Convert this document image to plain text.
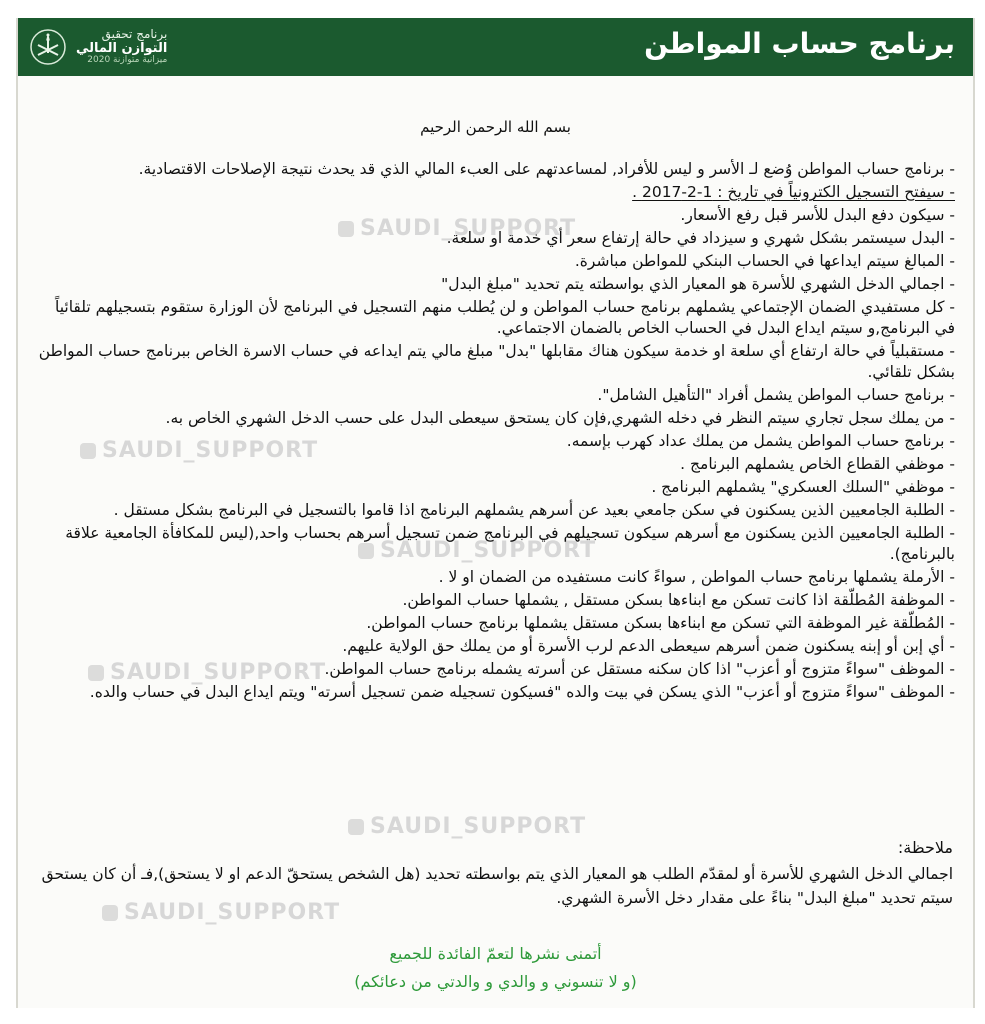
برنامج تحقيق
التوازن المالي
ميزانية متوازنة 2020	برنامج حساب المواطن
SAUDI_SUPPORT
SAUDI_SUPPORT
SAUDI_SUPPORT
SAUDI_SUPPORT
SAUDI_SUPPORT
SAUDI_SUPPORT
بسم الله الرحمن الرحيم
- برنامج حساب المواطن وُضع لـ الأسر و ليس للأفراد, لمساعدتهم على العبء المالي الذي قد يحدث نتيجة الإصلاحات الاقتصادية.
- سيفتح التسجيل الكترونياً في تاريخ : 1-2-2017 .
- سيكون دفع البدل للأسر قبل رفع الأسعار.
- البدل سيستمر بشكل شهري و سيزداد في حالة إرتفاع سعر أي خدمة او سلعة.
- المبالغ سيتم ايداعها في الحساب البنكي للمواطن مباشرة.
- اجمالي الدخل الشهري للأسرة هو المعيار الذي بواسطته يتم تحديد "مبلغ البدل"
- كل مستفيدي الضمان الإجتماعي يشملهم برنامج حساب المواطن و لن يُطلب منهم التسجيل في البرنامج لأن الوزارة ستقوم بتسجيلهم تلقائياً في البرنامج,و سيتم ايداع البدل في الحساب الخاص بالضمان الاجتماعي.
- مستقبلياً في حالة ارتفاع أي سلعة او خدمة سيكون هناك مقابلها "بدل" مبلغ مالي يتم ايداعه في حساب الاسرة الخاص ببرنامج حساب المواطن بشكل تلقائي.
- برنامج حساب المواطن يشمل أفراد "التأهيل الشامل".
- من يملك سجل تجاري سيتم النظر في دخله الشهري,فإن كان يستحق سيعطى البدل على حسب الدخل الشهري الخاص به.
- برنامج حساب المواطن يشمل من يملك عداد كهرب بإسمه.
- موظفي القطاع الخاص يشملهم البرنامج .
- موظفي "السلك العسكري" يشملهم البرنامج .
- الطلبة الجامعيين الذين يسكنون في سكن جامعي بعيد عن أسرهم يشملهم البرنامج اذا قاموا بالتسجيل في البرنامج بشكل مستقل .
- الطلبة الجامعيين الذين يسكنون مع أسرهم سيكون تسجيلهم في البرنامج ضمن تسجيل أسرهم بحساب واحد,(ليس للمكافأة الجامعية علاقة بالبرنامج).
- الأرملة يشملها برنامج حساب المواطن , سواءً كانت مستفيده من الضمان او لا .
- الموظفة المُطلّقة اذا كانت تسكن مع ابناءها بسكن مستقل , يشملها حساب المواطن.
- المُطلّقة غير الموظفة التي تسكن مع ابناءها بسكن مستقل يشملها برنامج حساب المواطن.
- أي إبن أو إبنه يسكنون ضمن أسرهم سيعطى الدعم لرب الأسرة أو من يملك حق الولاية عليهم.
- الموظف "سواءً متزوج أو أعزب" اذا كان سكنه مستقل عن أسرته يشمله برنامج حساب المواطن.
- الموظف "سواءً متزوج أو أعزب" الذي يسكن في بيت والده "فسيكون تسجيله ضمن تسجيل أسرته" ويتم ايداع البدل في حساب والده.
ملاحظة:
اجمالي الدخل الشهري للأسرة أو لمقدّم الطلب هو المعيار الذي يتم بواسطته تحديد (هل الشخص يستحقّ الدعم او لا يستحق),فـ أن كان يستحق سيتم تحديد "مبلغ البدل" بناءً على مقدار دخل الأسرة الشهري.
أتمنى نشرها لتعمّ الفائدة للجميع
(و لا تنسوني و والدي و والدتي من دعائكم)
